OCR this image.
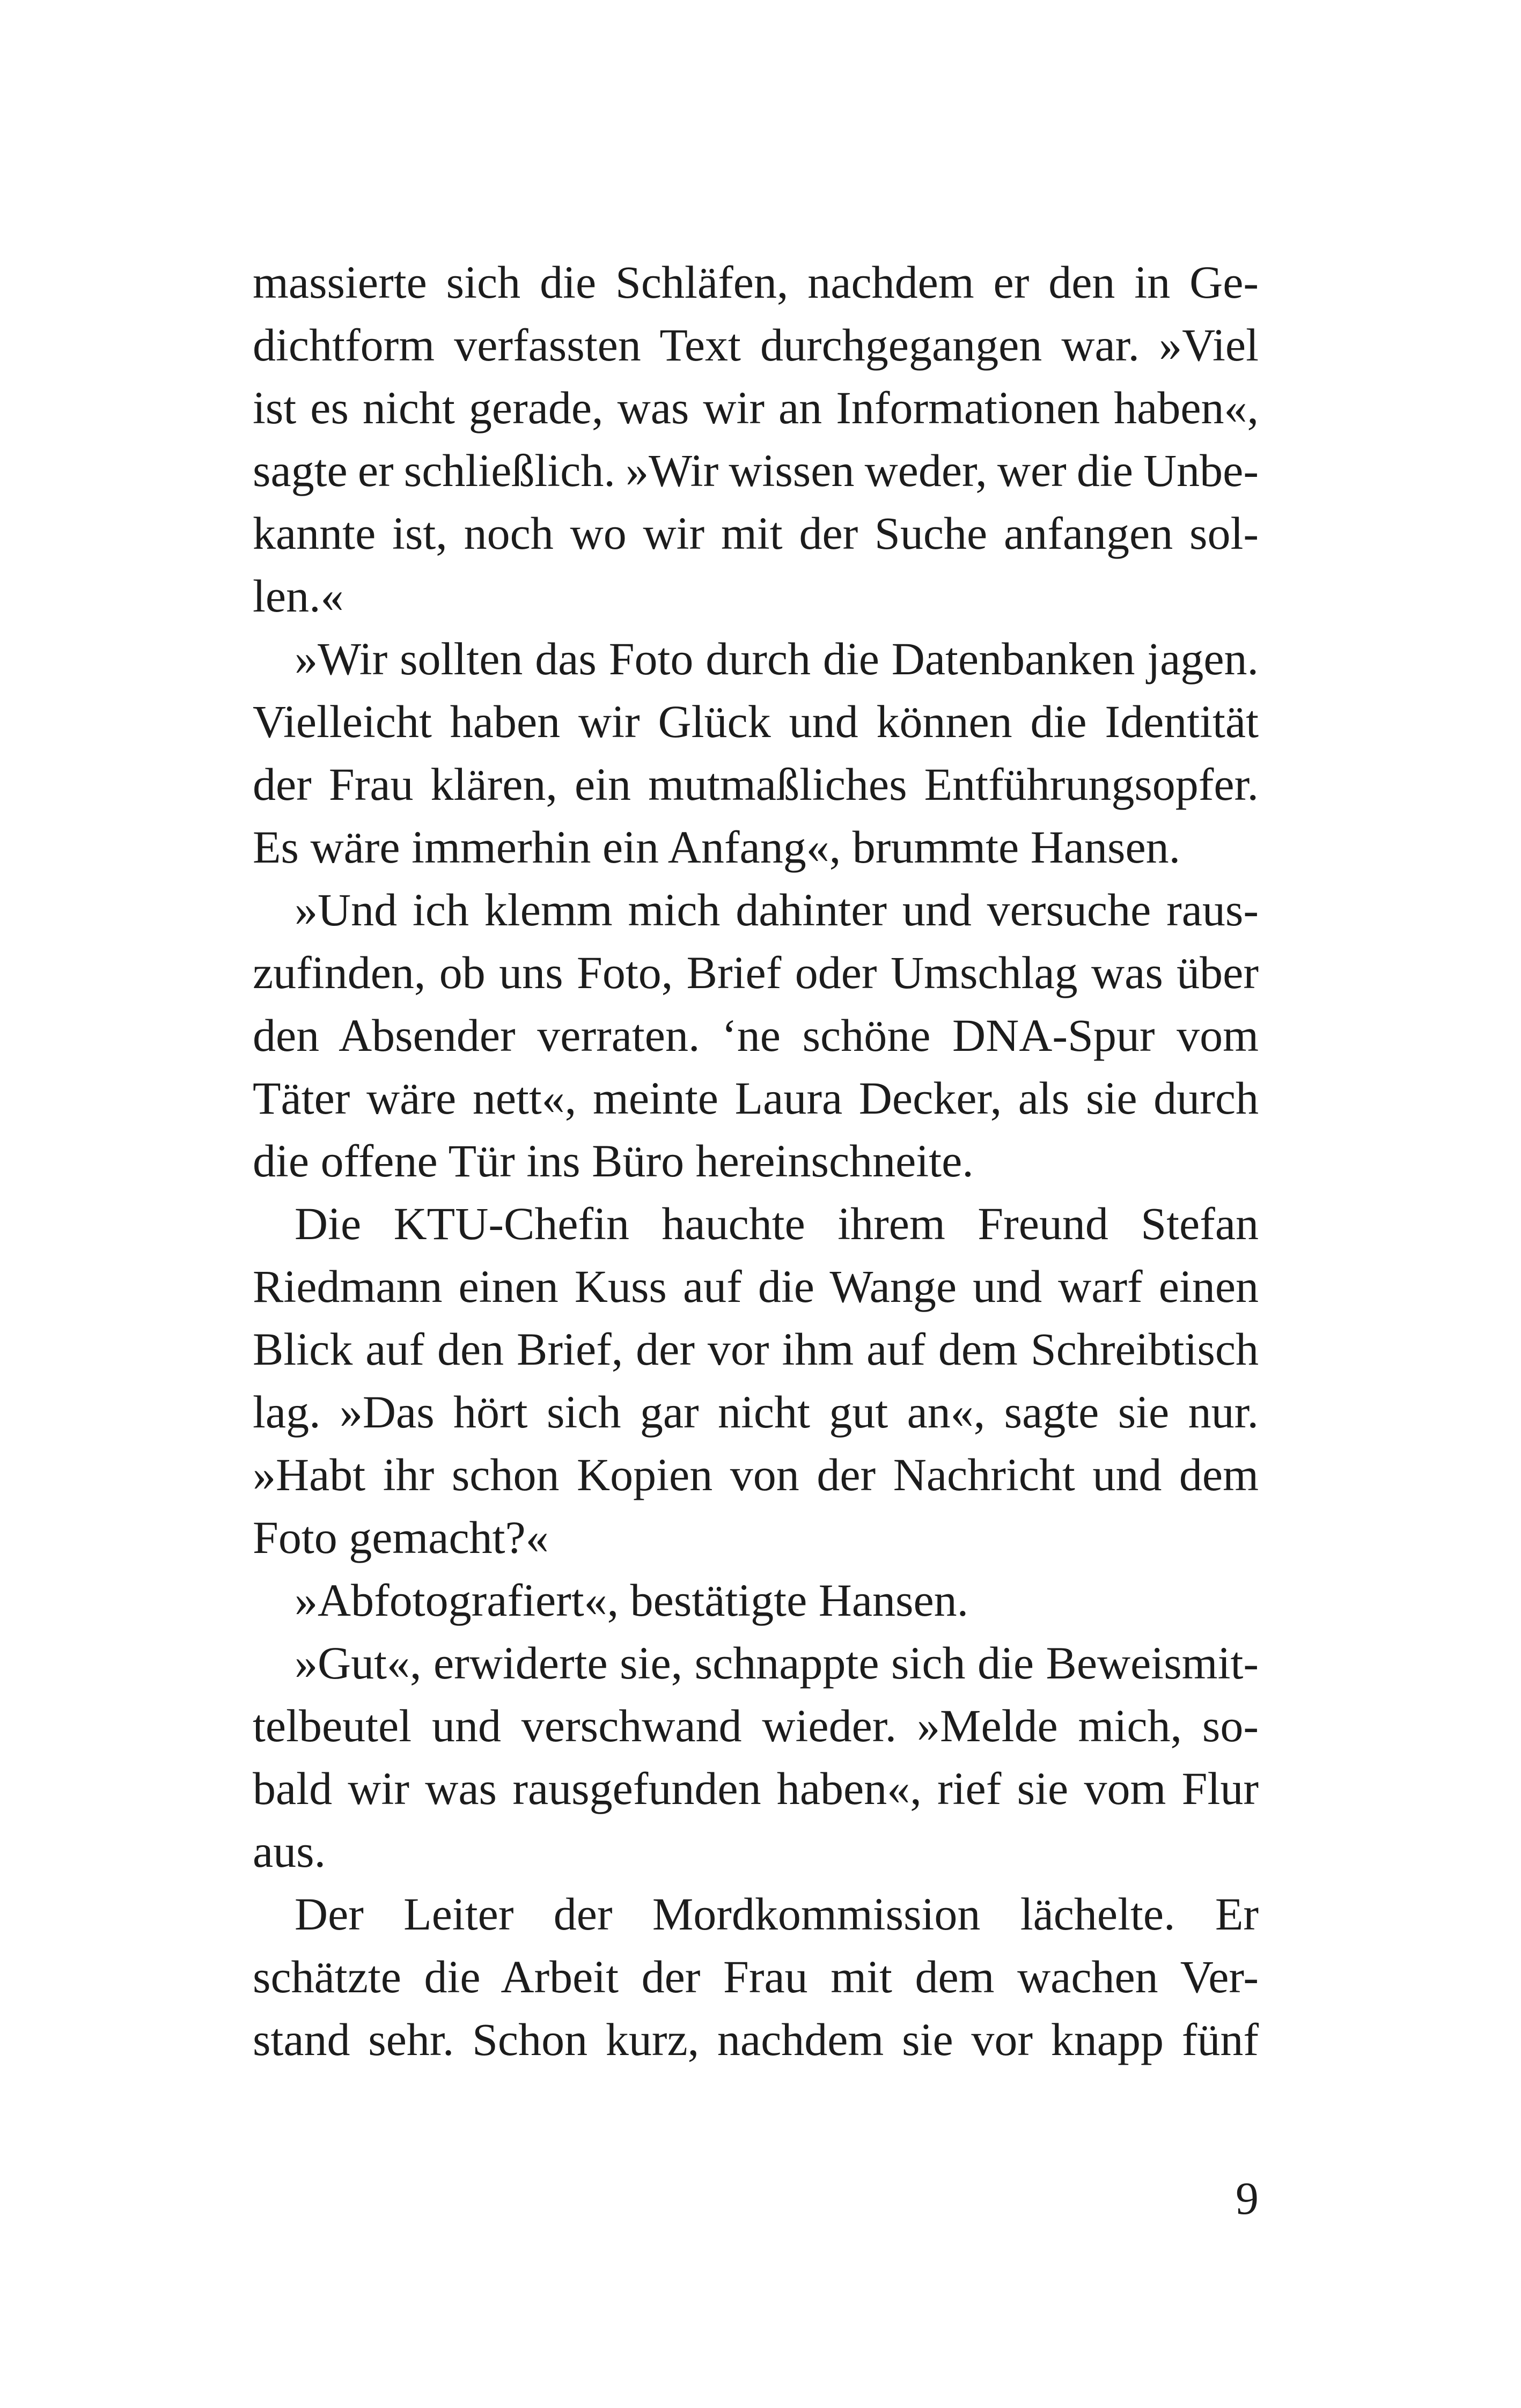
massierte sich die Schläfen, nachdem er den in Ge-
dichtform verfassten Text durchgegangen war. »Viel
ist es nicht gerade, was wir an Informationen haben«,
sagte er schließlich. »Wir wissen weder, wer die Unbe-
kannte ist, noch wo wir mit der Suche anfangen sol-
len.«
»Wir sollten das Foto durch die Datenbanken jagen.
Vielleicht haben wir Glück und können die Identität
der Frau klären, ein mutmaßliches Entführungsopfer.
Es wäre immerhin ein Anfang«, brummte Hansen.
»Und ich klemm mich dahinter und versuche raus-
zufinden, ob uns Foto, Brief oder Umschlag was über
den Absender verraten. ‘ne schöne DNA-Spur vom
Täter wäre nett«, meinte Laura Decker, als sie durch
die offene Tür ins Büro hereinschneite.
Die KTU-Chefin hauchte ihrem Freund Stefan
Riedmann einen Kuss auf die Wange und warf einen
Blick auf den Brief, der vor ihm auf dem Schreibtisch
lag. »Das hört sich gar nicht gut an«, sagte sie nur.
»Habt ihr schon Kopien von der Nachricht und dem
Foto gemacht?«
»Abfotografiert«, bestätigte Hansen.
»Gut«, erwiderte sie, schnappte sich die Beweismit-
telbeutel und verschwand wieder. »Melde mich, so-
bald wir was rausgefunden haben«, rief sie vom Flur
aus.
Der Leiter der Mordkommission lächelte. Er
schätzte die Arbeit der Frau mit dem wachen Ver-
stand sehr. Schon kurz, nachdem sie vor knapp fünf
9
